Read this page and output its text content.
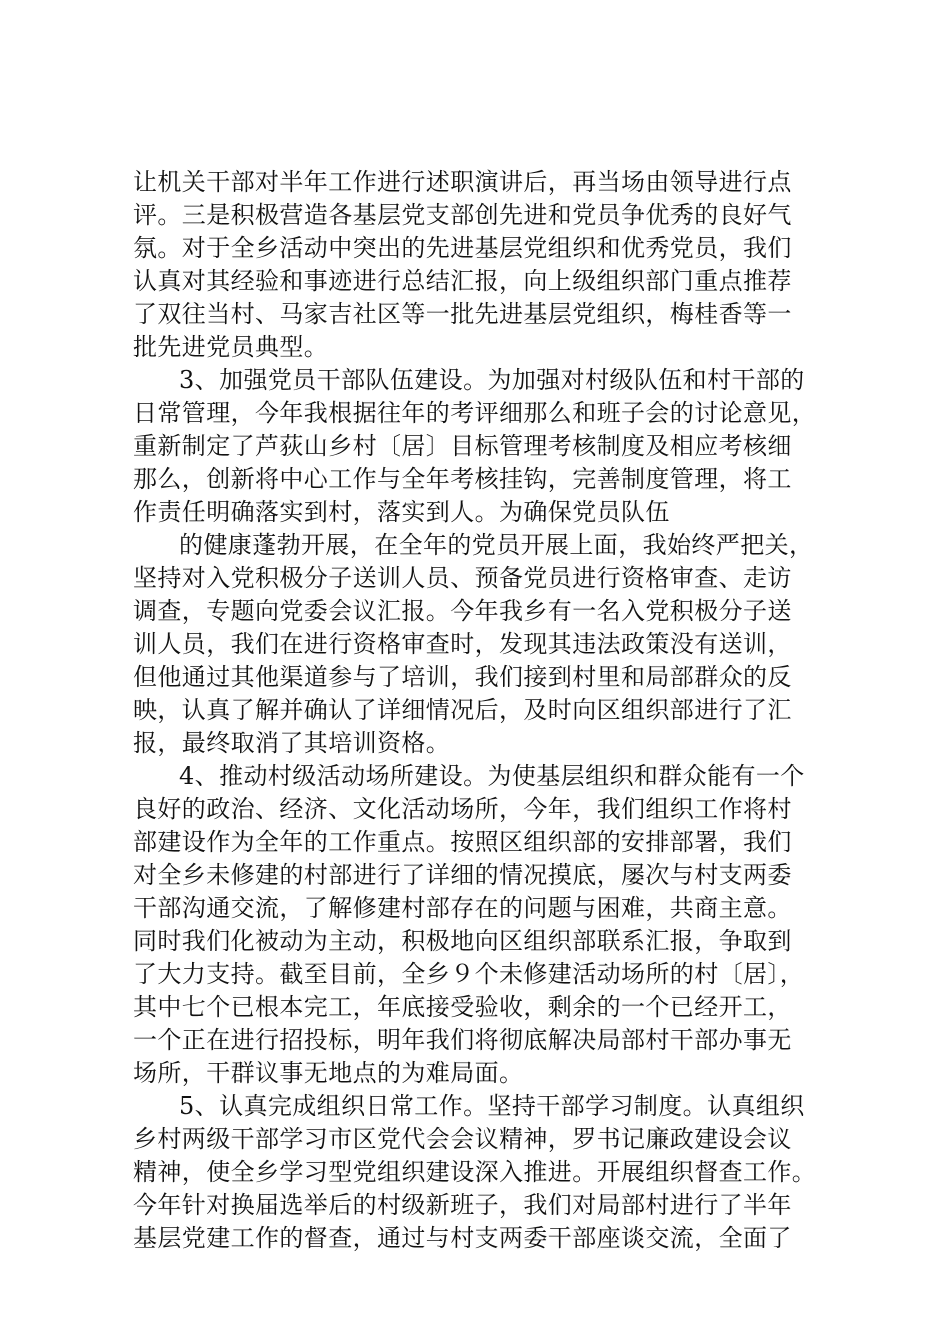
让机关干部对半年工作进行述职演讲后，再当场由领导进行点
评。三是积极营造各基层党支部创先进和党员争优秀的良好气
氛。对于全乡活动中突出的先进基层党组织和优秀党员，我们
认真对其经验和事迹进行总结汇报，向上级组织部门重点推荐
了双往当村、马家吉社区等一批先进基层党组织，梅桂香等一
批先进党员典型。
3、加强党员干部队伍建设。为加强对村级队伍和村干部的
日常管理，今年我根据往年的考评细那么和班子会的讨论意见，
重新制定了芦荻山乡村〔居〕目标管理考核制度及相应考核细
那么，创新将中心工作与全年考核挂钩，完善制度管理，将工
作责任明确落实到村，落实到人。为确保党员队伍
的健康蓬勃开展，在全年的党员开展上面，我始终严把关，
坚持对入党积极分子送训人员、预备党员进行资格审查、走访
调查，专题向党委会议汇报。今年我乡有一名入党积极分子送
训人员，我们在进行资格审查时，发现其违法政策没有送训，
但他通过其他渠道参与了培训，我们接到村里和局部群众的反
映，认真了解并确认了详细情况后，及时向区组织部进行了汇
报，最终取消了其培训资格。
4、推动村级活动场所建设。为使基层组织和群众能有一个
良好的政治、经济、文化活动场所，今年，我们组织工作将村
部建设作为全年的工作重点。按照区组织部的安排部署，我们
对全乡未修建的村部进行了详细的情况摸底，屡次与村支两委
干部沟通交流，了解修建村部存在的问题与困难，共商主意。
同时我们化被动为主动，积极地向区组织部联系汇报，争取到
了大力支持。截至目前，全乡９个未修建活动场所的村〔居〕，
其中七个已根本完工，年底接受验收，剩余的一个已经开工，
一个正在进行招投标，明年我们将彻底解决局部村干部办事无
场所，干群议事无地点的为难局面。
5、认真完成组织日常工作。坚持干部学习制度。认真组织
乡村两级干部学习市区党代会会议精神，罗书记廉政建设会议
精神，使全乡学习型党组织建设深入推进。开展组织督查工作。
今年针对换届选举后的村级新班子，我们对局部村进行了半年
基层党建工作的督查，通过与村支两委干部座谈交流，全面了
